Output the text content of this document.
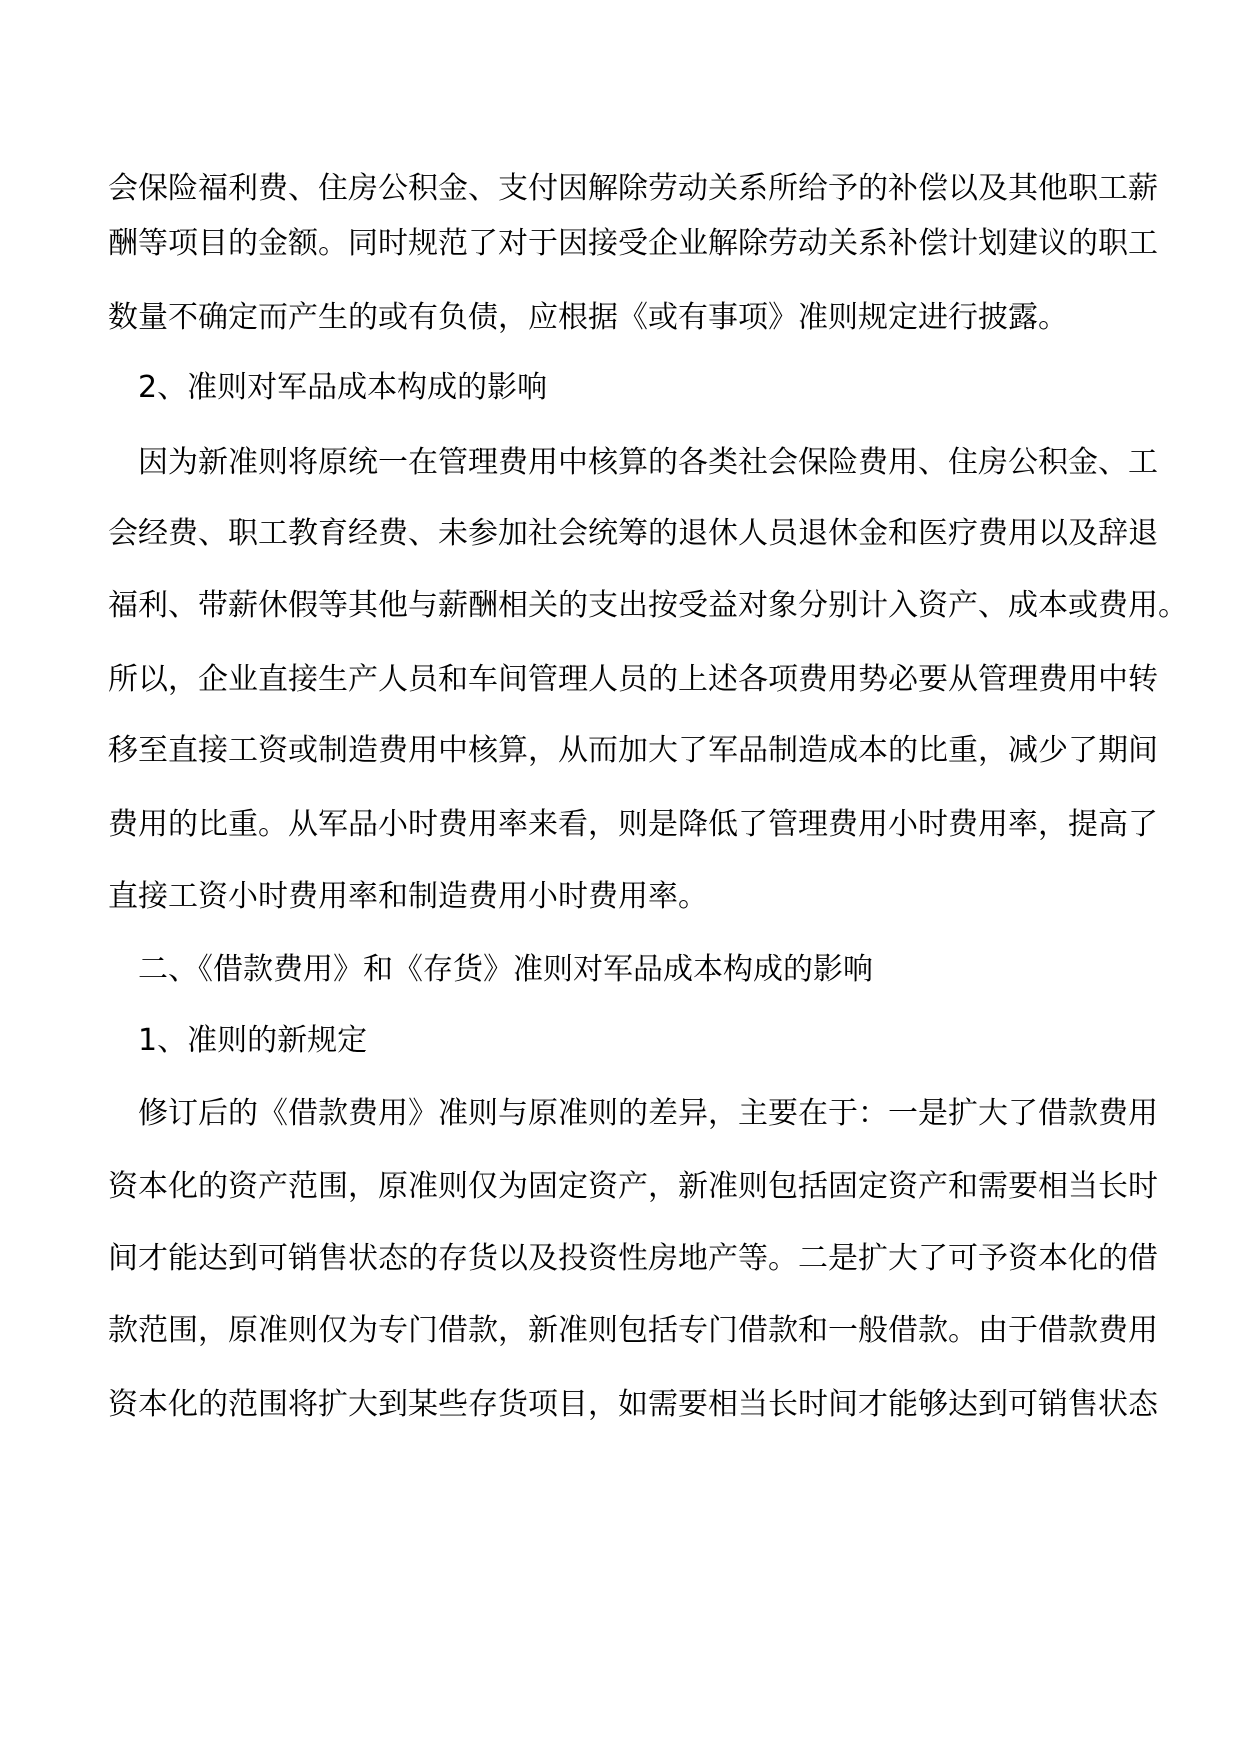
会保险福利费、住房公积金、支付因解除劳动关系所给予的补偿以及其他职工薪
酬等项目的金额。同时规范了对于因接受企业解除劳动关系补偿计划建议的职工
数量不确定而产生的或有负债，应根据《或有事项》准则规定进行披露。
2、准则对军品成本构成的影响
因为新准则将原统一在管理费用中核算的各类社会保险费用、住房公积金、工
会经费、职工教育经费、未参加社会统筹的退休人员退休金和医疗费用以及辞退
福利、带薪休假等其他与薪酬相关的支出按受益对象分别计入资产、成本或费用。
所以，企业直接生产人员和车间管理人员的上述各项费用势必要从管理费用中转
移至直接工资或制造费用中核算，从而加大了军品制造成本的比重，减少了期间
费用的比重。从军品小时费用率来看，则是降低了管理费用小时费用率，提高了
直接工资小时费用率和制造费用小时费用率。
二、《借款费用》和《存货》准则对军品成本构成的影响
1、准则的新规定
修订后的《借款费用》准则与原准则的差异，主要在于：一是扩大了借款费用
资本化的资产范围，原准则仅为固定资产，新准则包括固定资产和需要相当长时
间才能达到可销售状态的存货以及投资性房地产等。二是扩大了可予资本化的借
款范围，原准则仅为专门借款，新准则包括专门借款和一般借款。由于借款费用
资本化的范围将扩大到某些存货项目，如需要相当长时间才能够达到可销售状态
